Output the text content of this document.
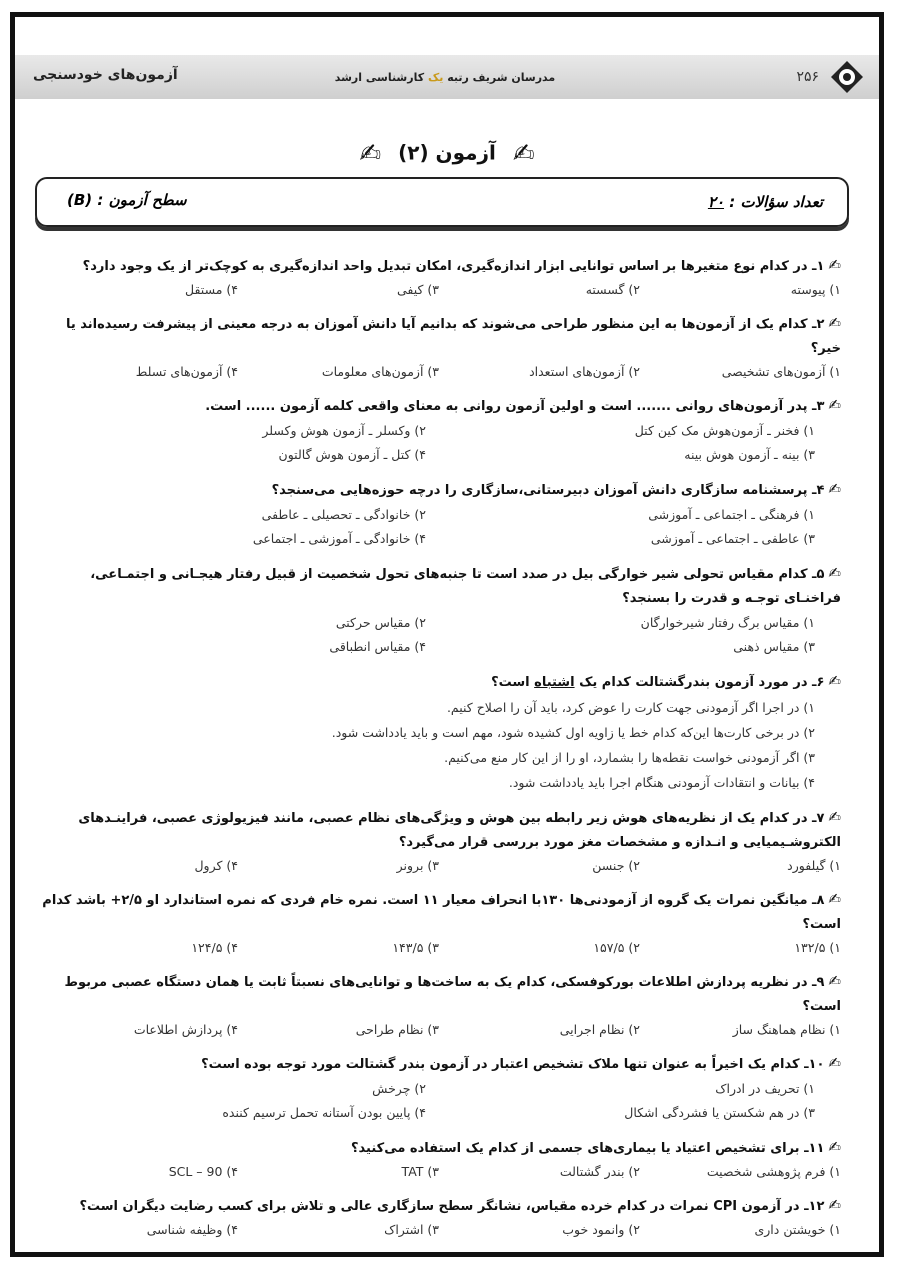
آزمون‌های خودسنجی	مدرسان شریف رتبه یک کارشناسی ارشد	۲۵۶
✍ آزمون (۲) ✍
تعداد سؤالات : ۲۰
سطح آزمون : (B)
✍۱ـ در کدام نوع متغیرها بر اساس توانایی ابزار اندازه‌گیری، امکان تبدیل واحد اندازه‌گیری به کوچک‌تر از یک وجود دارد؟
۱) پیوسته
۲) گسسته
۳) کیفی
۴) مستقل
✍۲ـ کدام یک از آزمون‌ها به این منظور طراحی می‌شوند که بدانیم آیا دانش آموزان به درجه معینی از پیشرفت رسیده‌اند یا خیر؟
۱) آزمون‌های تشخیصی
۲) آزمون‌های استعداد
۳) آزمون‌های معلومات
۴) آزمون‌های تسلط
✍۳ـ پدر آزمون‌های روانی ....... است و اولین آزمون روانی به معنای واقعی کلمه آزمون ...... است.
۱) فخنر ـ آزمون‌هوش مک کین کتل
۲) وکسلر ـ آزمون هوش وکسلر
۳) بینه ـ آزمون هوش بینه
۴) کتل ـ آزمون هوش گالتون
✍۴ـ پرسشنامه سازگاری دانش آموزان دبیرستانی،سازگاری را درچه حوزه‌هایی می‌سنجد؟
۱) فرهنگی ـ اجتماعی ـ آموزشی
۲) خانوادگی ـ تحصیلی ـ عاطفی
۳) عاطفی ـ اجتماعی ـ آموزشی
۴) خانوادگی ـ آموزشی ـ اجتماعی
✍۵ـ کدام مقیاس تحولی شیر خوارگی بیل در صدد است تا جنبه‌های تحول شخصیت از قبیل رفتار هیجـانی و اجتمـاعی، فراخنـای توجـه و قدرت را بسنجد؟
۱) مقیاس برگ رفتار شیرخوارگان
۲) مقیاس حرکتی
۳) مقیاس ذهنی
۴) مقیاس انطباقی
✍۶ـ در مورد آزمون بندرگشتالت کدام یک اشتباه است؟
۱) در اجرا اگر آزمودنی جهت کارت را عوض کرد، باید آن را اصلاح کنیم.
۲) در برخی کارت‌ها این‌که کدام خط یا زاویه اول کشیده شود، مهم است و باید یادداشت شود.
۳) اگر آزمودنی خواست نقطه‌ها را بشمارد، او را از این کار منع می‌کنیم.
۴) بیانات و انتقادات آزمودنی هنگام اجرا باید یادداشت شود.
✍۷ـ در کدام یک از نظریه‌های هوش زیر رابطه بین هوش و ویژگی‌های نظام عصبی، مانند فیزیولوژی عصبی، فراینـدهای الکتروشـیمیایی و انـدازه و مشخصات مغز مورد بررسی قرار می‌گیرد؟
۱) گیلفورد
۲) جنسن
۳) برونر
۴) کرول
✍۸ـ میانگین نمرات یک گروه از آزمودنی‌ها ۱۳۰با انحراف معیار ۱۱ است. نمره خام فردی که نمره استاندارد او ۲/۵+ باشد کدام است؟
۱) ۱۳۲/۵
۲) ۱۵۷/۵
۳) ۱۴۳/۵
۴) ۱۲۴/۵
✍۹ـ در نظریه پردازش اطلاعات بورکوفسکی، کدام یک به ساخت‌ها و توانایی‌های نسبتاً ثابت یا همان دستگاه عصبی مربوط است؟
۱) نظام هماهنگ ساز
۲) نظام اجرایی
۳) نظام طراحی
۴) پردازش اطلاعات
✍۱۰ـ کدام یک اخیراً به عنوان تنها ملاک تشخیص اعتبار در آزمون بندر گشتالت مورد توجه بوده است؟
۱) تحریف در ادراک
۲) چرخش
۳) در هم شکستن یا فشردگی اشکال
۴) پایین بودن آستانه تحمل ترسیم کننده
✍۱۱ـ برای تشخیص اعتیاد یا بیماری‌های جسمی از کدام یک استفاده می‌کنید؟
۱) فرم پژوهشی شخصیت
۲) بندر گشتالت
۳) TAT
۴) SCL – 90
✍۱۲ـ در آزمون CPI نمرات در کدام خرده مقیاس، نشانگر سطح سازگاری عالی و تلاش برای کسب رضایت دیگران است؟
۱) خویشتن داری
۲) وانمود خوب
۳) اشتراک
۴) وظیفه شناسی
